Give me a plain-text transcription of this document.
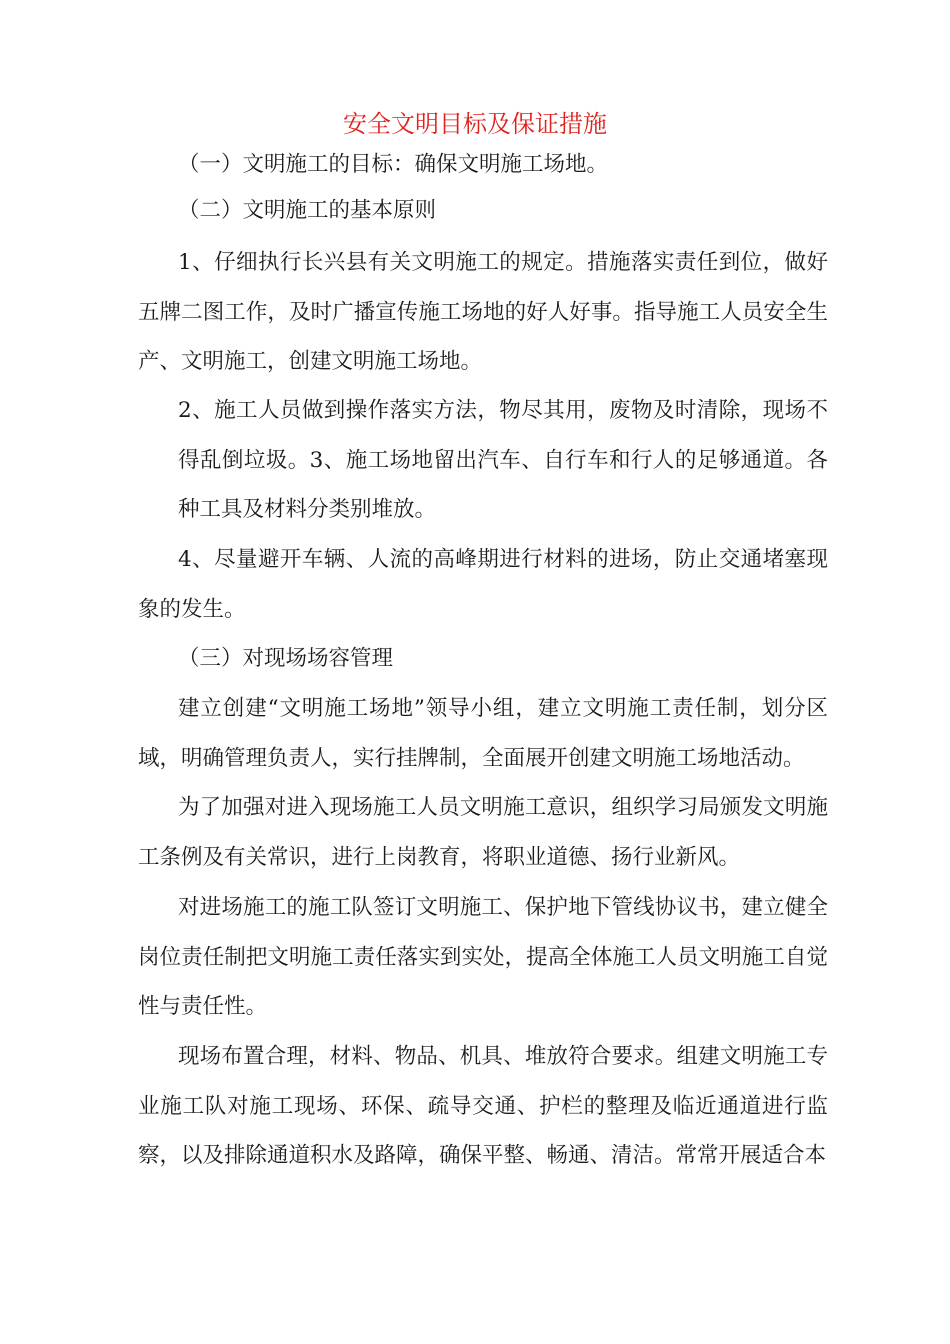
安全文明目标及保证措施

（一）文明施工的目标：确保文明施工场地。

（二）文明施工的基本原则

1、仔细执行长兴县有关文明施工的规定。措施落实责任到位，做好五牌二图工作，及时广播宣传施工场地的好人好事。指导施工人员安全生产、文明施工，创建文明施工场地。

2、施工人员做到操作落实方法，物尽其用，废物及时清除，现场不得乱倒垃圾。3、施工场地留出汽车、自行车和行人的足够通道。各种工具及材料分类别堆放。

4、尽量避开车辆、人流的高峰期进行材料的进场，防止交通堵塞现象的发生。

（三）对现场场容管理

建立创建“文明施工场地”领导小组，建立文明施工责任制，划分区域，明确管理负责人，实行挂牌制，全面展开创建文明施工场地活动。

为了加强对进入现场施工人员文明施工意识，组织学习局颁发文明施工条例及有关常识，进行上岗教育，将职业道德、扬行业新风。

对进场施工的施工队签订文明施工、保护地下管线协议书，建立健全岗位责任制把文明施工责任落实到实处，提高全体施工人员文明施工自觉性与责任性。

现场布置合理，材料、物品、机具、堆放符合要求。组建文明施工专业施工队对施工现场、环保、疏导交通、护栏的整理及临近通道进行监察，以及排除通道积水及路障，确保平整、畅通、清洁。常常开展适合本
